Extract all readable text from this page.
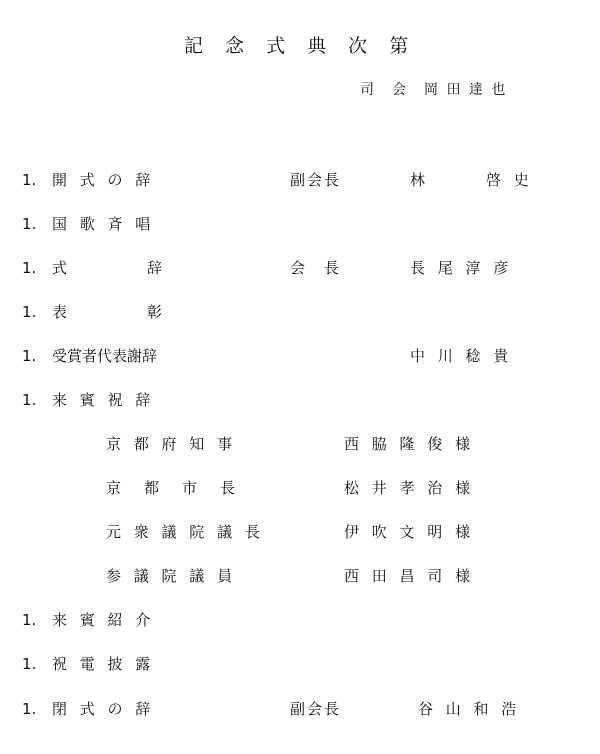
記 念 式 典 次 第
司　会　岡 田 達 也
1. 開 式 の 辞	副会長	林　　　啓 史
1. 国 歌 斉 唱
1. 式　　　　辞	会　長	長 尾 淳 彦
1. 表　　　　彰
1. 受賞者代表謝辞	中 川 稔 貴
1. 来 賓 祝 辞
京 都 府 知 事	西 脇 隆 俊 様
京　都　市　長	松 井 孝 治 様
元 衆 議 院 議 長	伊 吹 文 明 様
参 議 院 議 員	西 田 昌 司 様
1. 来 賓 紹 介
1. 祝 電 披 露
1. 閉 式 の 辞	副会長	谷 山 和 浩
